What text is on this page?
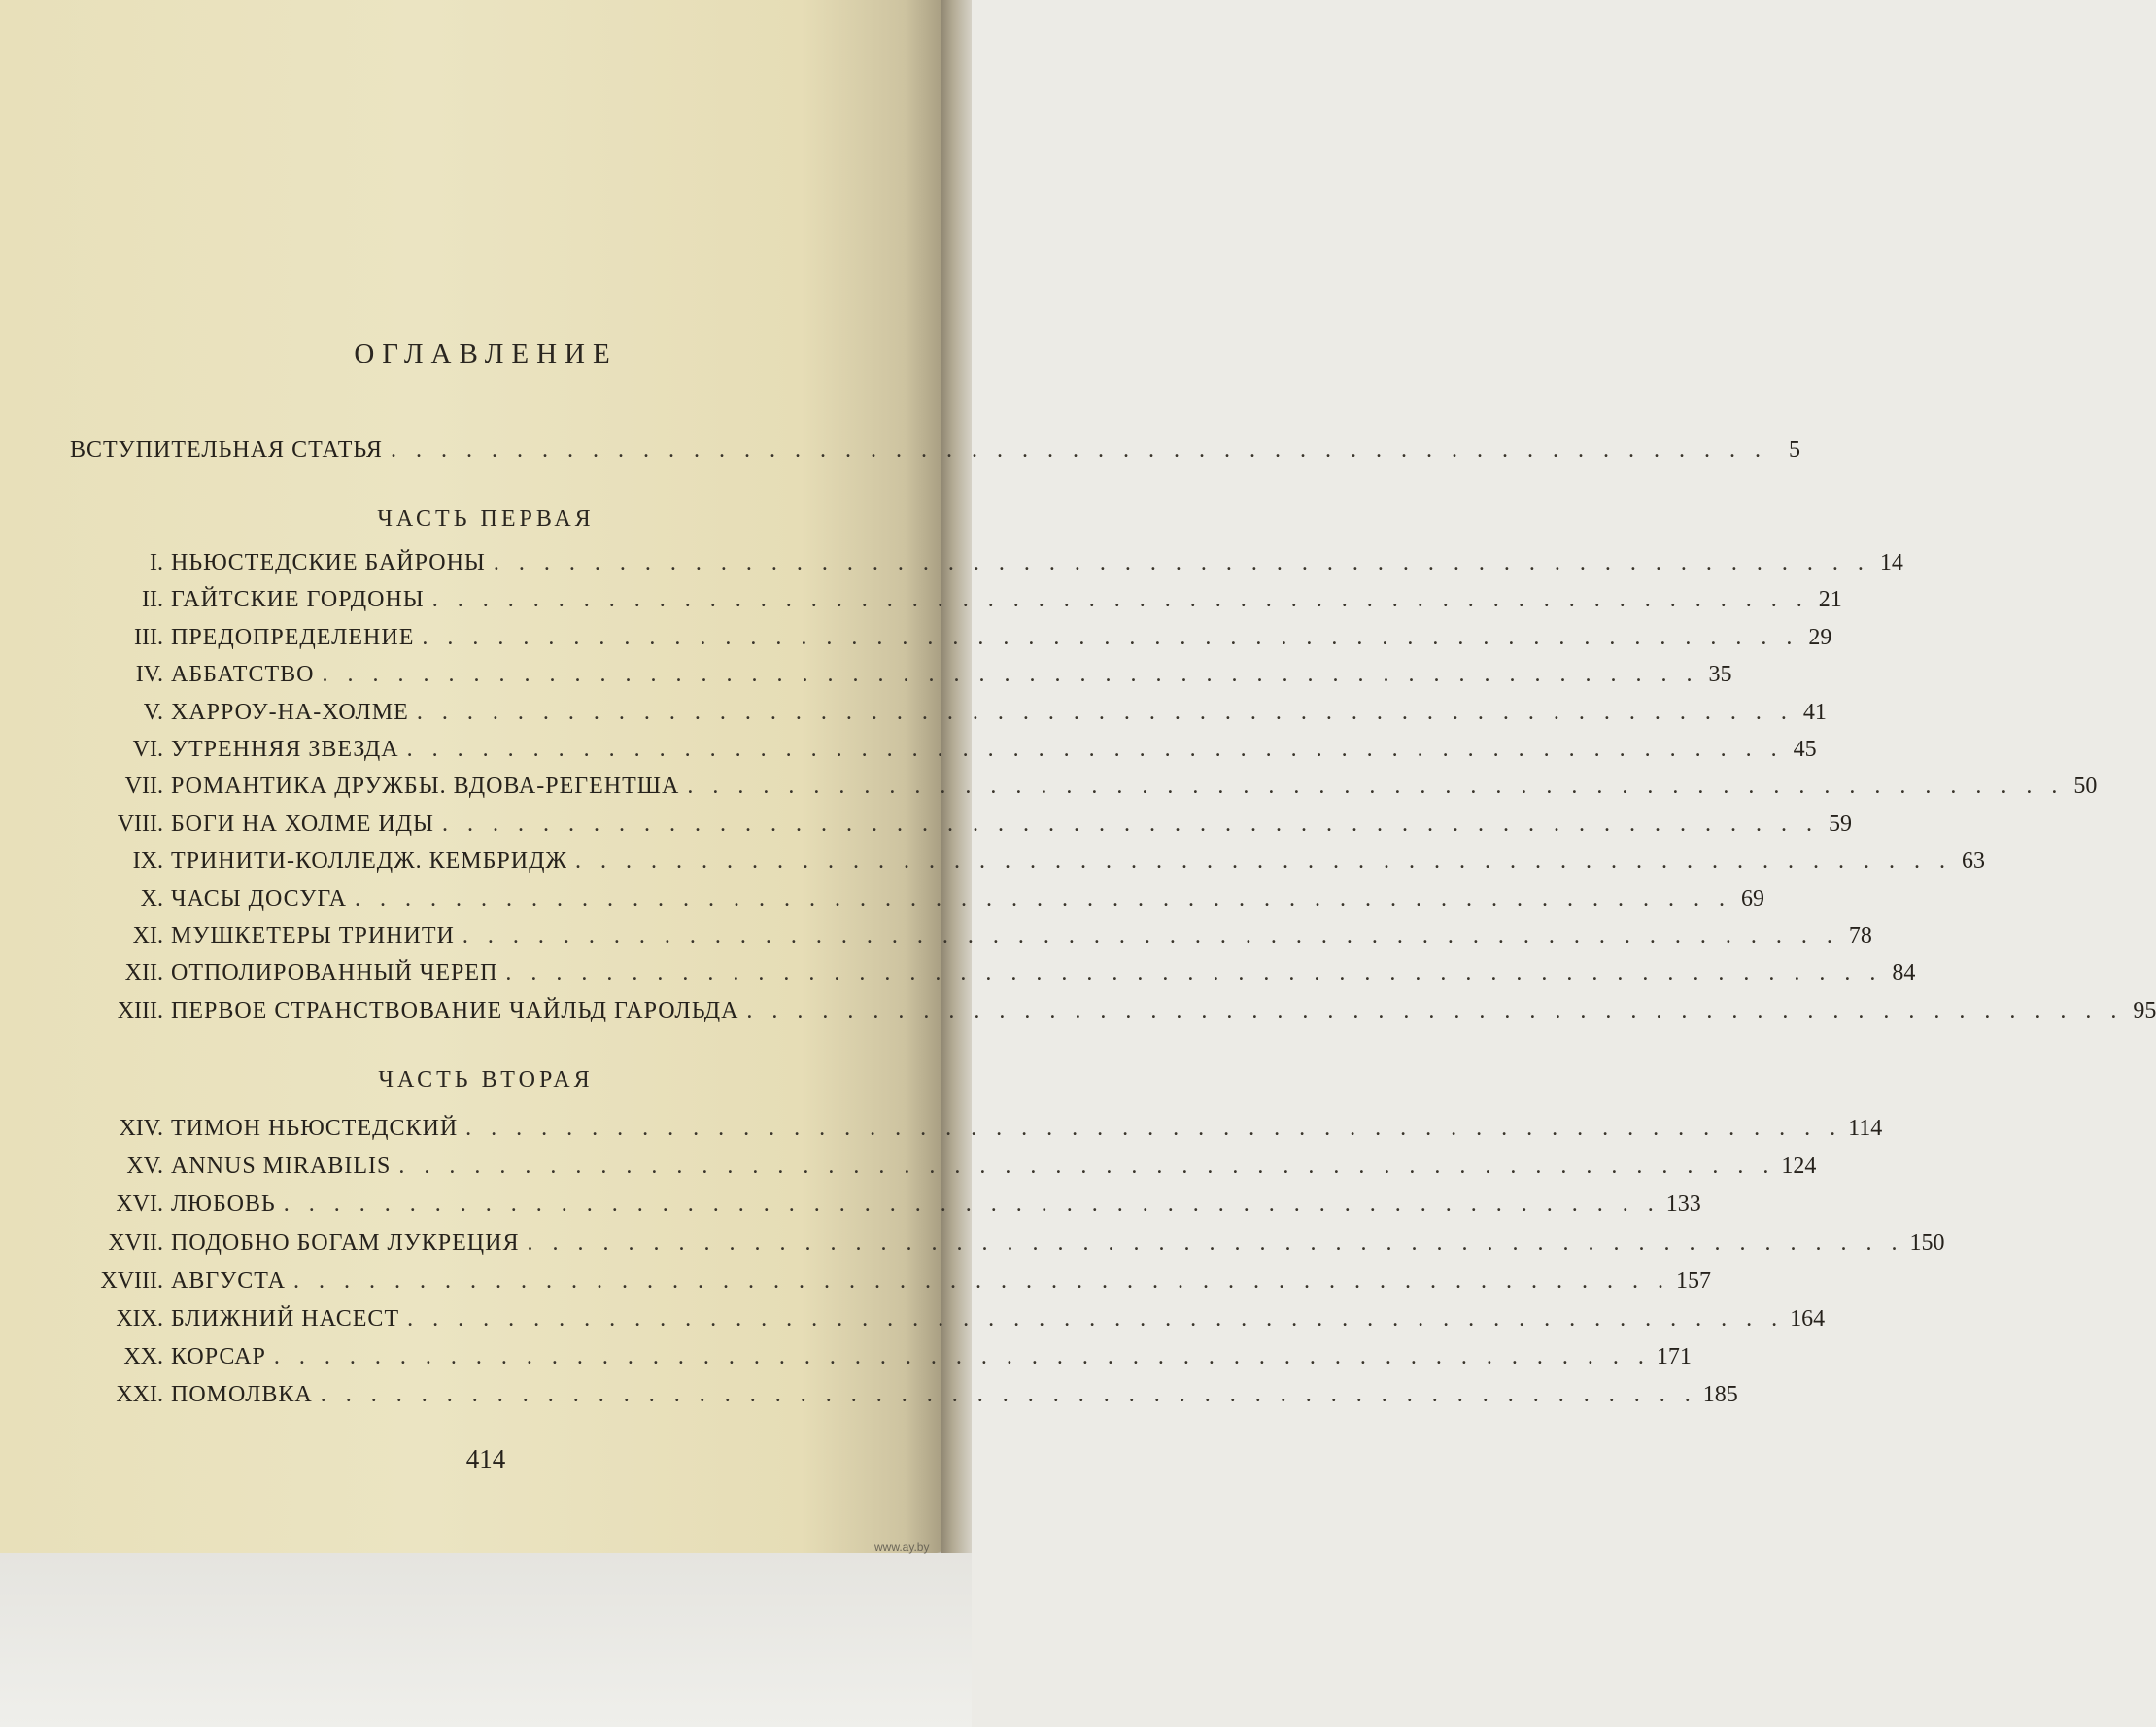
ОГЛАВЛЕНИЕ
ВСТУПИТЕЛЬНАЯ СТАТЬЯ . . . . . . . . . . . . . . . . . . . . . . . . . . . . . . . . . . . . . . . . . . . . . . . . . . . . . . . 5
ЧАСТЬ ПЕРВАЯ
I. НЬЮСТЕДСКИЕ БАЙРОНЫ . . . . . . . . . . . . . . . . . . . . . . . . . . . . . . . . . . . . . . . . . . . . . . . . . . . . . . . 14
II. ГАЙТСКИЕ ГОРДОНЫ . . . . . . . . . . . . . . . . . . . . . . . . . . . . . . . . . . . . . . . . . . . . . . . . . . . . . . . 21
III. ПРЕДОПРЕДЕЛЕНИЕ . . . . . . . . . . . . . . . . . . . . . . . . . . . . . . . . . . . . . . . . . . . . . . . . . . . . . . . 29
IV. АББАТСТВО . . . . . . . . . . . . . . . . . . . . . . . . . . . . . . . . . . . . . . . . . . . . . . . . . . . . . . . 35
V. ХАРРОУ-НА-ХОЛМЕ . . . . . . . . . . . . . . . . . . . . . . . . . . . . . . . . . . . . . . . . . . . . . . . . . . . . . . . 41
VI. УТРЕННЯЯ ЗВЕЗДА . . . . . . . . . . . . . . . . . . . . . . . . . . . . . . . . . . . . . . . . . . . . . . . . . . . . . . . 45
VII. РОМАНТИКА ДРУЖБЫ. ВДОВА-РЕГЕНТША . . . . . . . . . . . . . . . . . . . . . . . . . . . . . . . . . . . . . . . . . . . . . . . . . . . . . . . 50
VIII. БОГИ НА ХОЛМЕ ИДЫ . . . . . . . . . . . . . . . . . . . . . . . . . . . . . . . . . . . . . . . . . . . . . . . . . . . . . . . 59
IX. ТРИНИТИ-КОЛЛЕДЖ. КЕМБРИДЖ . . . . . . . . . . . . . . . . . . . . . . . . . . . . . . . . . . . . . . . . . . . . . . . . . . . . . . . 63
X. ЧАСЫ ДОСУГА . . . . . . . . . . . . . . . . . . . . . . . . . . . . . . . . . . . . . . . . . . . . . . . . . . . . . . . 69
XI. МУШКЕТЕРЫ ТРИНИТИ . . . . . . . . . . . . . . . . . . . . . . . . . . . . . . . . . . . . . . . . . . . . . . . . . . . . . . . 78
XII. ОТПОЛИРОВАННЫЙ ЧЕРЕП . . . . . . . . . . . . . . . . . . . . . . . . . . . . . . . . . . . . . . . . . . . . . . . . . . . . . . . 84
XIII. ПЕРВОЕ СТРАНСТВОВАНИЕ ЧАЙЛЬД ГАРОЛЬДА . . . . . . . . . . . . . . . . . . . . . . . . . . . . . . . . . . . . . . . . . . . . . . . . . . . . . . . 95
ЧАСТЬ ВТОРАЯ
XIV. ТИМОН НЬЮСТЕДСКИЙ . . . . . . . . . . . . . . . . . . . . . . . . . . . . . . . . . . . . . . . . . . . . . . . . . . . . . . . 114
XV. ANNUS MIRABILIS . . . . . . . . . . . . . . . . . . . . . . . . . . . . . . . . . . . . . . . . . . . . . . . . . . . . . . . 124
XVI. ЛЮБОВЬ . . . . . . . . . . . . . . . . . . . . . . . . . . . . . . . . . . . . . . . . . . . . . . . . . . . . . . . 133
XVII. ПОДОБНО БОГАМ ЛУКРЕЦИЯ . . . . . . . . . . . . . . . . . . . . . . . . . . . . . . . . . . . . . . . . . . . . . . . . . . . . . . . 150
XVIII. АВГУСТА . . . . . . . . . . . . . . . . . . . . . . . . . . . . . . . . . . . . . . . . . . . . . . . . . . . . . . . 157
XIX. БЛИЖНИЙ НАСЕСТ . . . . . . . . . . . . . . . . . . . . . . . . . . . . . . . . . . . . . . . . . . . . . . . . . . . . . . . 164
XX. КОРСАР . . . . . . . . . . . . . . . . . . . . . . . . . . . . . . . . . . . . . . . . . . . . . . . . . . . . . . . 171
XXI. ПОМОЛВКА . . . . . . . . . . . . . . . . . . . . . . . . . . . . . . . . . . . . . . . . . . . . . . . . . . . . . . . 185
414
www.ay.by
